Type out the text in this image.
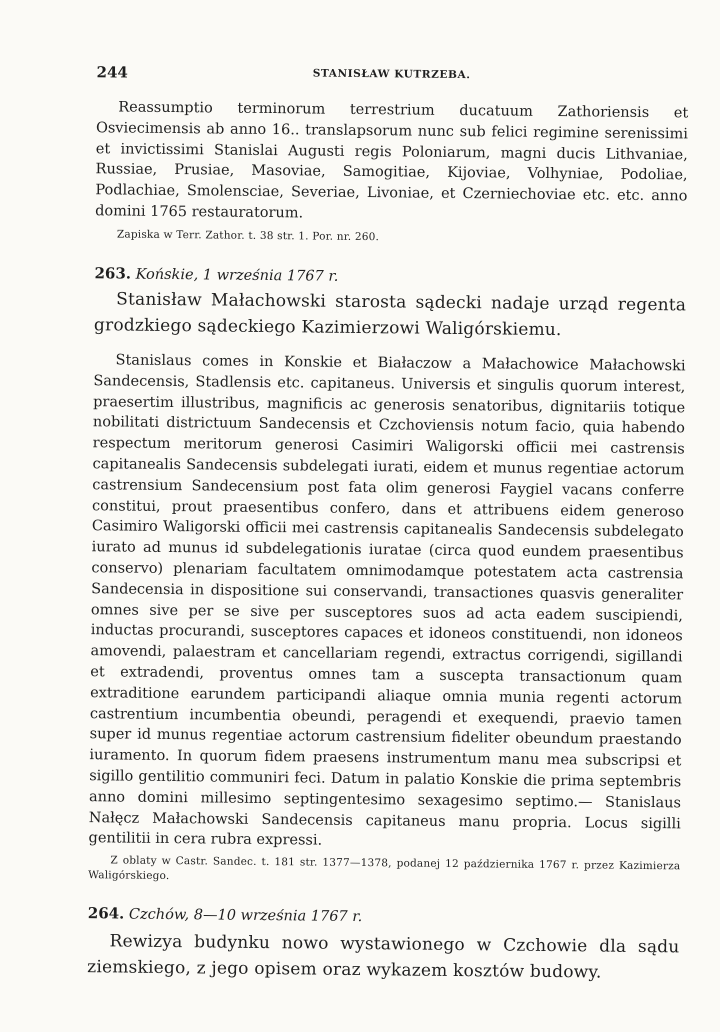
244	STANISŁAW KUTRZEBA.

Reassumptio terminorum terrestrium ducatuum Zathoriensis et Osviecimensis ab anno 16.. translapsorum nunc sub felici regimine serenissimi et invictissimi Stanislai Augusti regis Poloniarum, magni ducis Lithvaniae, Russiae, Prusiae, Masoviae, Samogitiae, Kijoviae, Volhyniae, Podoliae, Podlachiae, Smolensciae, Severiae, Livoniae, et Czerniechoviae etc. etc. anno domini 1765 restauratorum.

Zapiska w Terr. Zathor. t. 38 str. 1. Por. nr. 260.

263. Końskie, 1 września 1767 r.

Stanisław Małachowski starosta sądecki nadaje urząd regenta grodzkiego sądeckiego Kazimierzowi Waligórskiemu.

Stanislaus comes in Konskie et Białaczow a Małachowice Małachowski Sandecensis, Stadlensis etc. capitaneus. Universis et singulis quorum interest, praesertim illustribus, magnificis ac generosis senatoribus, dignitariis totique nobilitati districtuum Sandecensis et Czchoviensis notum facio, quia habendo respectum meritorum generosi Casimiri Waligorski officii mei castrensis capitanealis Sandecensis subdelegati iurati, eidem et munus regentiae actorum castrensium Sandecensium post fata olim generosi Faygiel vacans conferre constitui, prout praesentibus confero, dans et attribuens eidem generoso Casimiro Waligorski officii mei castrensis capitanealis Sandecensis subdelegato iurato ad munus id subdelegationis iuratae (circa quod eundem praesentibus conservo) plenariam facultatem omnimodamque potestatem acta castrensia Sandecensia in dispositione sui conservandi, transactiones quasvis generaliter omnes sive per se sive per susceptores suos ad acta eadem suscipiendi, inductas procurandi, susceptores capaces et idoneos constituendi, non idoneos amovendi, palaestram et cancellariam regendi, extractus corrigendi, sigillandi et extradendi, proventus omnes tam a suscepta transactionum quam extraditione earundem participandi aliaque omnia munia regenti actorum castrentium incumbentia obeundi, peragendi et exequendi, praevio tamen super id munus regentiae actorum castrensium fideliter obeundum praestando iuramento. In quorum fidem praesens instrumentum manu mea subscripsi et sigillo gentilitio communiri feci. Datum in palatio Konskie die prima septembris anno domini millesimo septingentesimo sexagesimo septimo.— Stanislaus Nałęcz Małachowski Sandecensis capitaneus manu propria. Locus sigilli gentilitii in cera rubra expressi.

Z oblaty w Castr. Sandec. t. 181 str. 1377—1378, podanej 12 października 1767 r. przez Kazimierza Waligórskiego.

264. Czchów, 8—10 września 1767 r.

Rewizya budynku nowo wystawionego w Czchowie dla sądu ziemskiego, z jego opisem oraz wykazem kosztów budowy.
